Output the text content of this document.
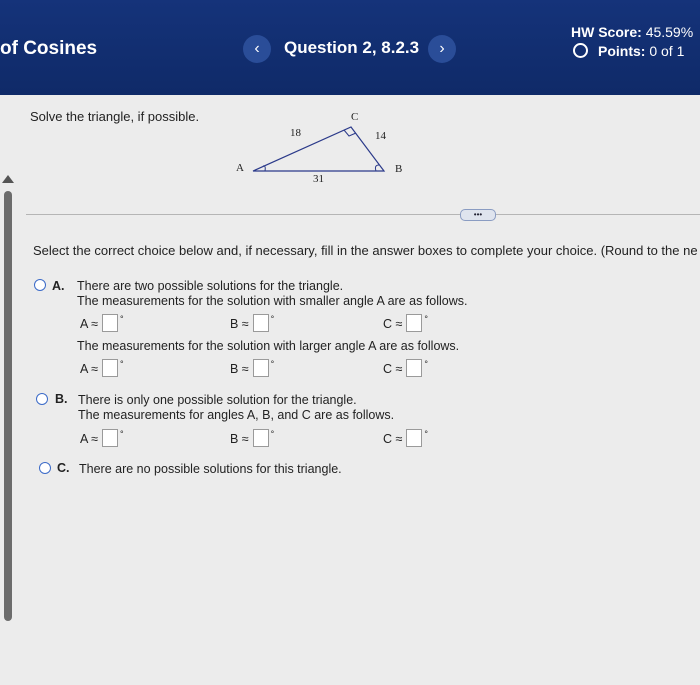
of Cosines	‹	Question 2, 8.2.3	›
HW Score: 45.59%
Points: 0 of 1
Solve the triangle, if possible.
A	B
C
18	14
31
•••
Select the correct choice below and, if necessary, fill in the answer boxes to complete your choice. (Round to the ne
A. There are two possible solutions for the triangle.
The measurements for the solution with smaller angle A are as follows.
A ≈ °	B ≈ °	C ≈ °
The measurements for the solution with larger angle A are as follows.
A ≈ °	B ≈ °	C ≈ °
B. There is only one possible solution for the triangle.
The measurements for angles A, B, and C are as follows.
A ≈ °	B ≈ °	C ≈ °
C. There are no possible solutions for this triangle.
